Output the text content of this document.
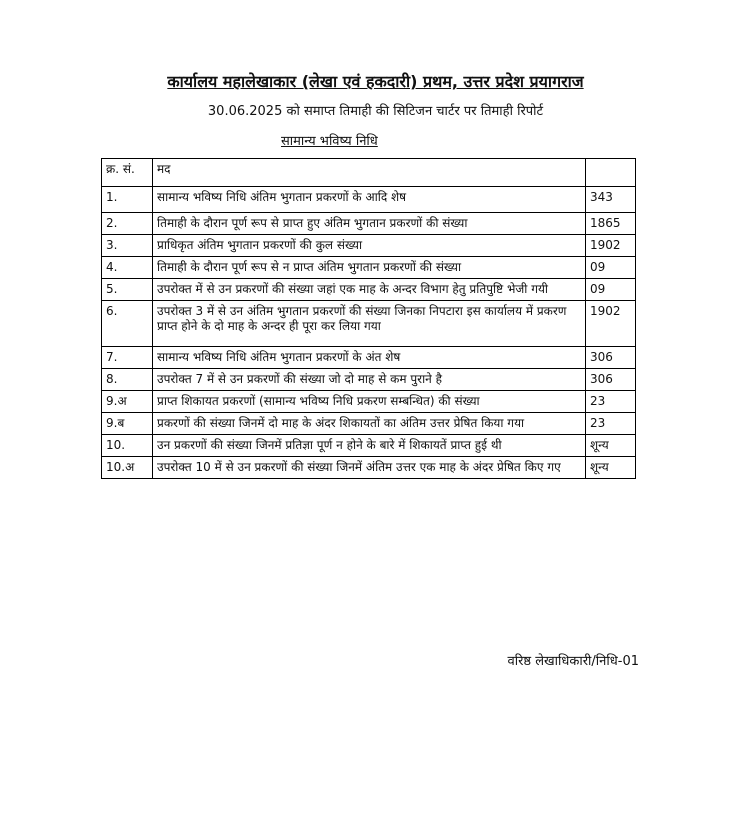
कार्यालय महालेखाकार (लेखा एवं हकदारी) प्रथम, उत्तर प्रदेश प्रयागराज
30.06.2025 को समाप्त तिमाही की सिटिजन चार्टर पर तिमाही रिपोर्ट
सामान्य भविष्य निधि
क्र. सं.	मद	
1.	सामान्य भविष्य निधि अंतिम भुगतान प्रकरणों के आदि शेष	343
2.	तिमाही के दौरान पूर्ण रूप से प्राप्त हुए अंतिम भुगतान प्रकरणों की संख्या	1865
3.	प्राधिकृत अंतिम भुगतान प्रकरणों की कुल संख्या	1902
4.	तिमाही के दौरान पूर्ण रूप से न प्राप्त अंतिम भुगतान प्रकरणों की संख्या	09
5.	उपरोक्त में से उन प्रकरणों की संख्या जहां एक माह के अन्दर विभाग हेतु प्रतिपुष्टि भेजी गयी	09
6.	उपरोक्त 3 में से उन अंतिम भुगतान प्रकरणों की संख्या जिनका निपटारा इस कार्यालय में प्रकरण प्राप्त होने के दो माह के अन्दर ही पूरा कर लिया गया	1902
7.	सामान्य भविष्य निधि अंतिम भुगतान प्रकरणों के अंत शेष	306
8.	उपरोक्त 7 में से उन प्रकरणों की संख्या जो दो माह से कम पुराने है	306
9.अ	प्राप्त शिकायत प्रकरणों (सामान्य भविष्य निधि प्रकरण सम्बन्धित) की संख्या	23
9.ब	प्रकरणों की संख्या जिनमें दो माह के अंदर शिकायतों का अंतिम उत्तर प्रेषित किया गया	23
10.	उन प्रकरणों की संख्या जिनमें प्रतिज्ञा पूर्ण न होने के बारे में शिकायतें प्राप्त हुई थी	शून्य
10.अ	उपरोक्त 10 में से उन प्रकरणों की संख्या जिनमें अंतिम उत्तर एक माह के अंदर प्रेषित किए गए	शून्य
वरिष्ठ लेखाधिकारी/निधि-01
